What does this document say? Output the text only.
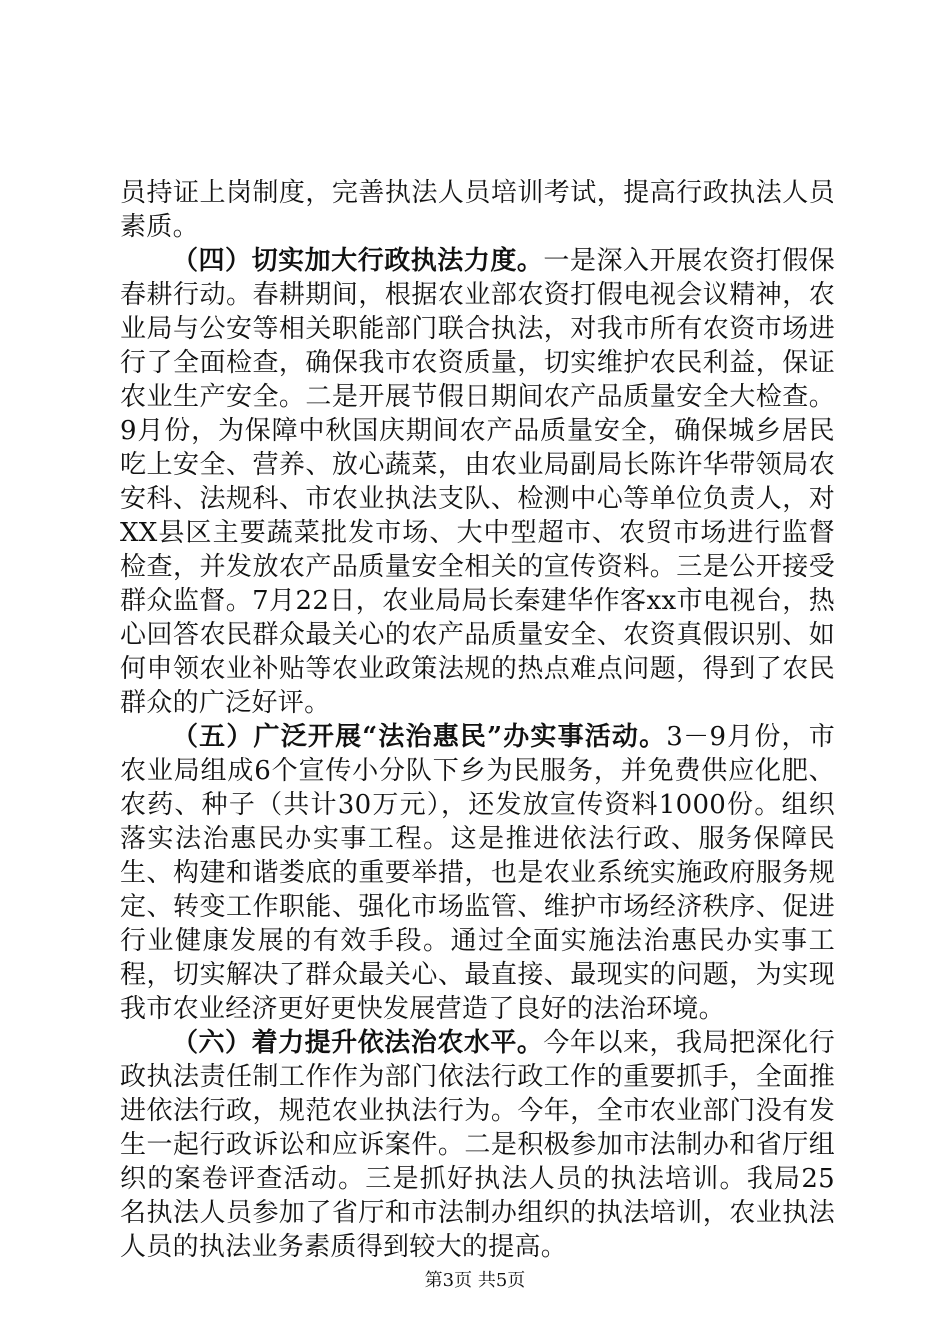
员持证上岗制度，完善执法人员培训考试，提高行政执法人员素质。

（四）切实加大行政执法力度。一是深入开展农资打假保春耕行动。春耕期间，根据农业部农资打假电视会议精神，农业局与公安等相关职能部门联合执法，对我市所有农资市场进行了全面检查，确保我市农资质量，切实维护农民利益，保证农业生产安全。二是开展节假日期间农产品质量安全大检查。9月份，为保障中秋国庆期间农产品质量安全，确保城乡居民吃上安全、营养、放心蔬菜，由农业局副局长陈许华带领局农安科、法规科、市农业执法支队、检测中心等单位负责人，对XX县区主要蔬菜批发市场、大中型超市、农贸市场进行监督检查，并发放农产品质量安全相关的宣传资料。三是公开接受群众监督。7月22日，农业局局长秦建华作客xx市电视台，热心回答农民群众最关心的农产品质量安全、农资真假识别、如何申领农业补贴等农业政策法规的热点难点问题，得到了农民群众的广泛好评。

（五）广泛开展“法治惠民”办实事活动。3－9月份，市农业局组成6个宣传小分队下乡为民服务，并免费供应化肥、农药、种子（共计30万元），还发放宣传资料1000份。组织落实法治惠民办实事工程。这是推进依法行政、服务保障民生、构建和谐娄底的重要举措，也是农业系统实施政府服务规定、转变工作职能、强化市场监管、维护市场经济秩序、促进行业健康发展的有效手段。通过全面实施法治惠民办实事工程，切实解决了群众最关心、最直接、最现实的问题，为实现我市农业经济更好更快发展营造了良好的法治环境。

（六）着力提升依法治农水平。今年以来，我局把深化行政执法责任制工作作为部门依法行政工作的重要抓手，全面推进依法行政，规范农业执法行为。今年，全市农业部门没有发生一起行政诉讼和应诉案件。二是积极参加市法制办和省厅组织的案卷评查活动。三是抓好执法人员的执法培训。我局25名执法人员参加了省厅和市法制办组织的执法培训，农业执法人员的执法业务素质得到较大的提高。

第3页 共5页
